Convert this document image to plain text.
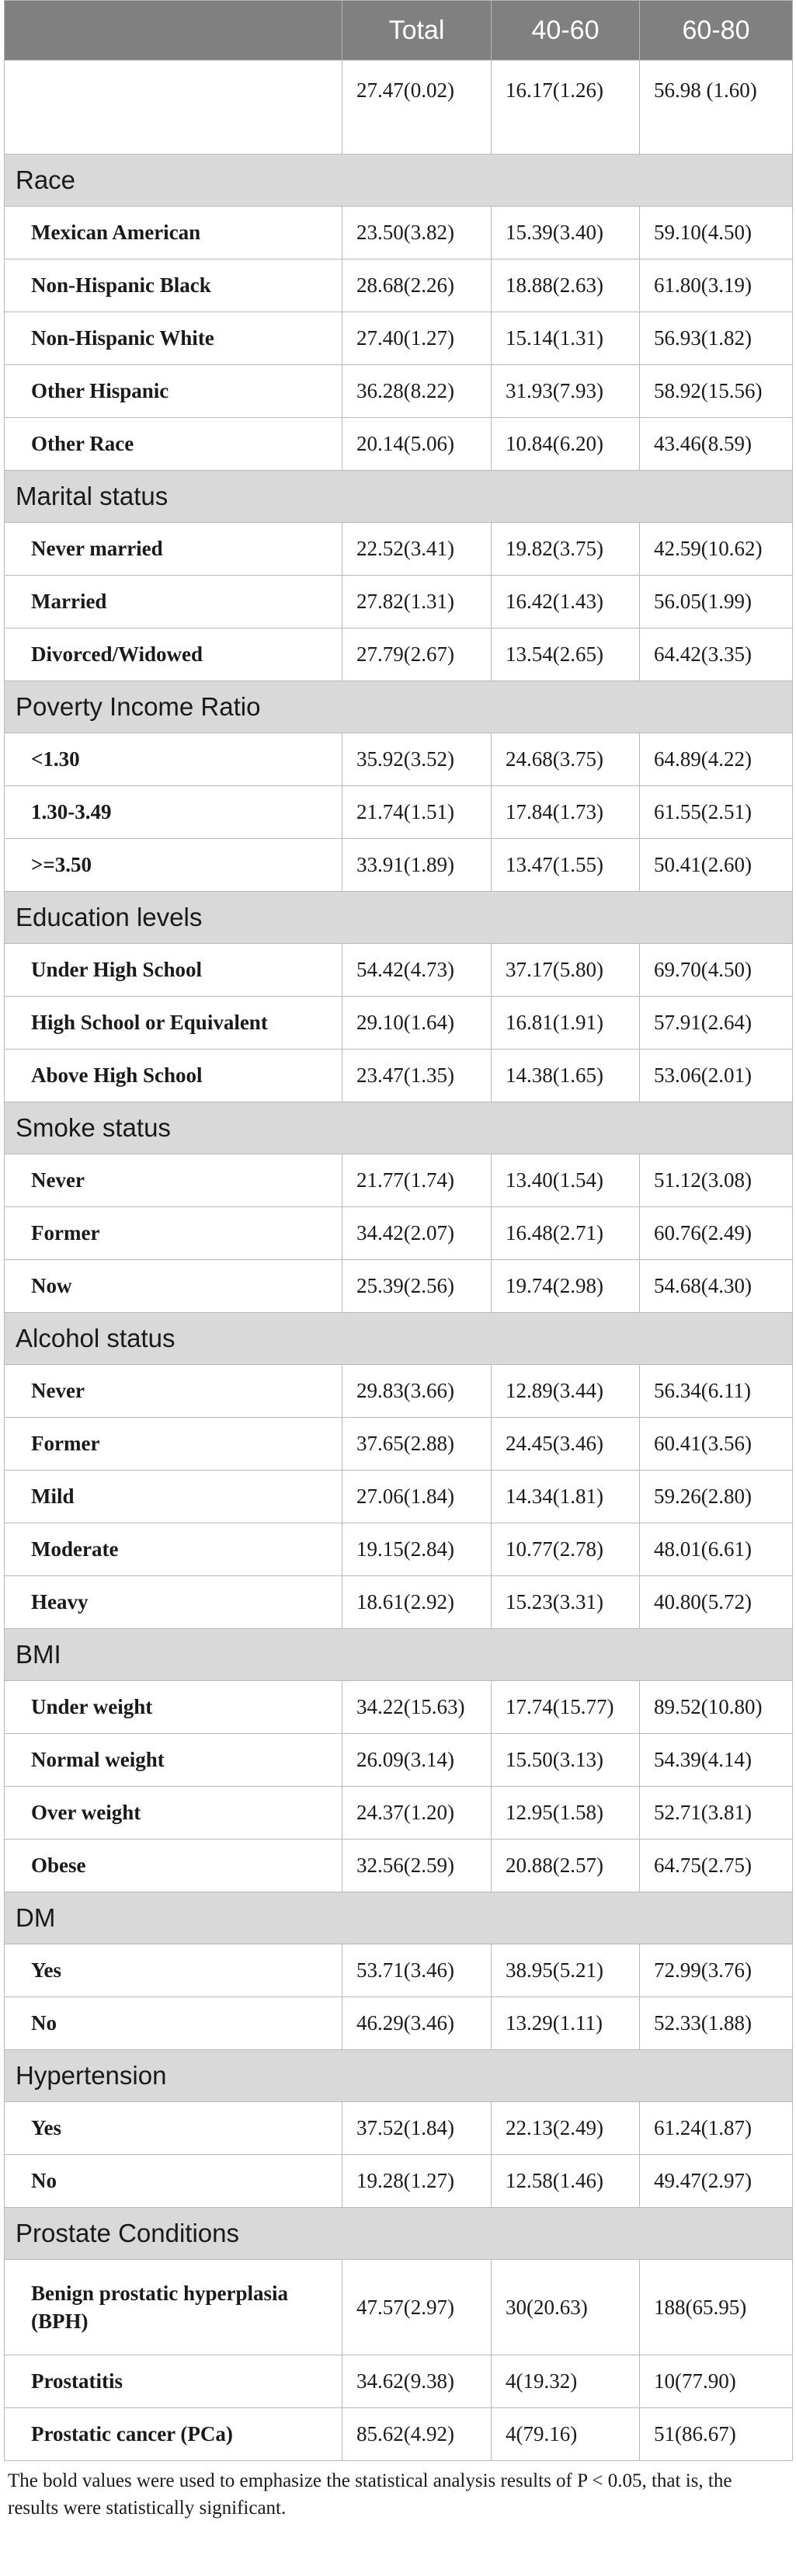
	Total	40-60	60-80
	27.47(0.02)	16.17(1.26)	56.98 (1.60)
Race			
Mexican American	23.50(3.82)	15.39(3.40)	59.10(4.50)
Non-Hispanic Black	28.68(2.26)	18.88(2.63)	61.80(3.19)
Non-Hispanic White	27.40(1.27)	15.14(1.31)	56.93(1.82)
Other Hispanic	36.28(8.22)	31.93(7.93)	58.92(15.56)
Other Race	20.14(5.06)	10.84(6.20)	43.46(8.59)
Marital status			
Never married	22.52(3.41)	19.82(3.75)	42.59(10.62)
Married	27.82(1.31)	16.42(1.43)	56.05(1.99)
Divorced/Widowed	27.79(2.67)	13.54(2.65)	64.42(3.35)
Poverty Income Ratio			
<1.30	35.92(3.52)	24.68(3.75)	64.89(4.22)
1.30-3.49	21.74(1.51)	17.84(1.73)	61.55(2.51)
>=3.50	33.91(1.89)	13.47(1.55)	50.41(2.60)
Education levels			
Under High School	54.42(4.73)	37.17(5.80)	69.70(4.50)
High School or Equivalent	29.10(1.64)	16.81(1.91)	57.91(2.64)
Above High School	23.47(1.35)	14.38(1.65)	53.06(2.01)
Smoke status			
Never	21.77(1.74)	13.40(1.54)	51.12(3.08)
Former	34.42(2.07)	16.48(2.71)	60.76(2.49)
Now	25.39(2.56)	19.74(2.98)	54.68(4.30)
Alcohol status			
Never	29.83(3.66)	12.89(3.44)	56.34(6.11)
Former	37.65(2.88)	24.45(3.46)	60.41(3.56)
Mild	27.06(1.84)	14.34(1.81)	59.26(2.80)
Moderate	19.15(2.84)	10.77(2.78)	48.01(6.61)
Heavy	18.61(2.92)	15.23(3.31)	40.80(5.72)
BMI			
Under weight	34.22(15.63)	17.74(15.77)	89.52(10.80)
Normal weight	26.09(3.14)	15.50(3.13)	54.39(4.14)
Over weight	24.37(1.20)	12.95(1.58)	52.71(3.81)
Obese	32.56(2.59)	20.88(2.57)	64.75(2.75)
DM			
Yes	53.71(3.46)	38.95(5.21)	72.99(3.76)
No	46.29(3.46)	13.29(1.11)	52.33(1.88)
Hypertension			
Yes	37.52(1.84)	22.13(2.49)	61.24(1.87)
No	19.28(1.27)	12.58(1.46)	49.47(2.97)
Prostate Conditions			
Benign prostatic hyperplasia (BPH)	47.57(2.97)	30(20.63)	188(65.95)
Prostatitis	34.62(9.38)	4(19.32)	10(77.90)
Prostatic cancer (PCa)	85.62(4.92)	4(79.16)	51(86.67)
The bold values were used to emphasize the statistical analysis results of P < 0.05, that is, the results were statistically significant.
